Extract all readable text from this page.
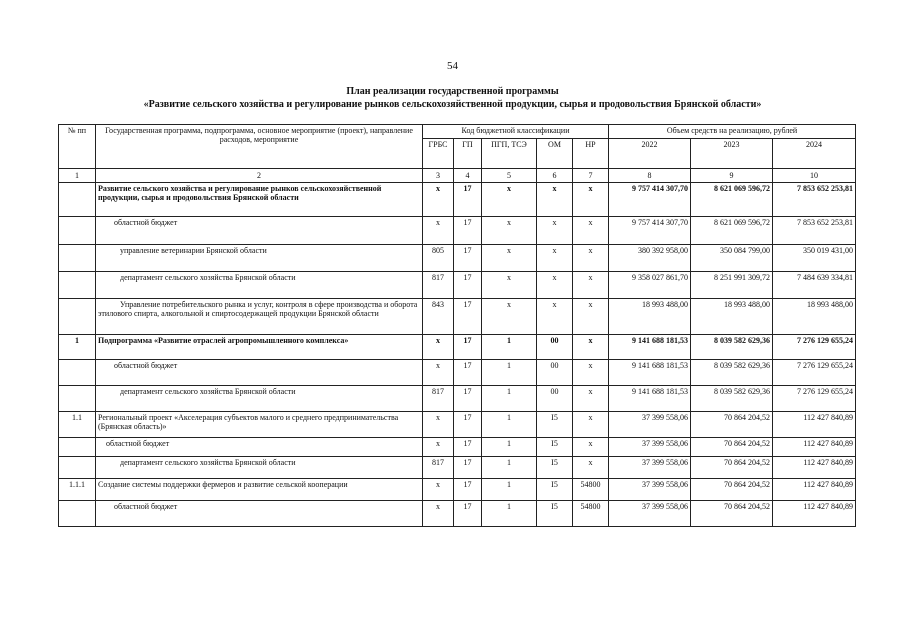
54
План реализации государственной программы
«Развитие сельского хозяйства и регулирование рынков сельскохозяйственной продукции, сырья и продовольствия Брянской области»
№ пп	Государственная программа, подпрограмма, основное мероприятие (проект), направление расходов, мероприятие	Код бюджетной классификации					Объем средств на реализацию, рублей		
		ГРБС	ГП	ПГП, ТСЭ	ОМ	НР	2022	2023	2024
1	2	3	4	5	6	7	8	9	10
	Развитие сельского хозяйства и регулирование рынков сельскохозяйственной продукции, сырья и продовольствия Брянской области	х	17	х	х	х	9 757 414 307,70	8 621 069 596,72	7 853 652 253,81
	областной бюджет	х	17	х	х	х	9 757 414 307,70	8 621 069 596,72	7 853 652 253,81
	управление ветеринарии Брянской области	805	17	х	х	х	380 392 958,00	350 084 799,00	350 019 431,00
	департамент сельского хозяйства Брянской области	817	17	х	х	х	9 358 027 861,70	8 251 991 309,72	7 484 639 334,81
	Управление потребительского рынка и услуг, контроля в сфере производства и оборота этилового спирта, алкогольной и спиртосодержащей продукции Брянской области	843	17	х	х	х	18 993 488,00	18 993 488,00	18 993 488,00
1	Подпрограмма «Развитие отраслей агропромышленного комплекса»	х	17	1	00	х	9 141 688 181,53	8 039 582 629,36	7 276 129 655,24
	областной бюджет	х	17	1	00	х	9 141 688 181,53	8 039 582 629,36	7 276 129 655,24
	департамент сельского хозяйства Брянской области	817	17	1	00	х	9 141 688 181,53	8 039 582 629,36	7 276 129 655,24
1.1	Региональный проект «Акселерация субъектов малого и среднего предпринимательства (Брянская область)»	х	17	1	I5	х	37 399 558,06	70 864 204,52	112 427 840,89
	областной бюджет	х	17	1	I5	х	37 399 558,06	70 864 204,52	112 427 840,89
	департамент сельского хозяйства Брянской области	817	17	1	I5	х	37 399 558,06	70 864 204,52	112 427 840,89
1.1.1	Создание системы поддержки фермеров и развитие сельской кооперации	х	17	1	I5	54800	37 399 558,06	70 864 204,52	112 427 840,89
	областной бюджет	х	17	1	I5	54800	37 399 558,06	70 864 204,52	112 427 840,89
